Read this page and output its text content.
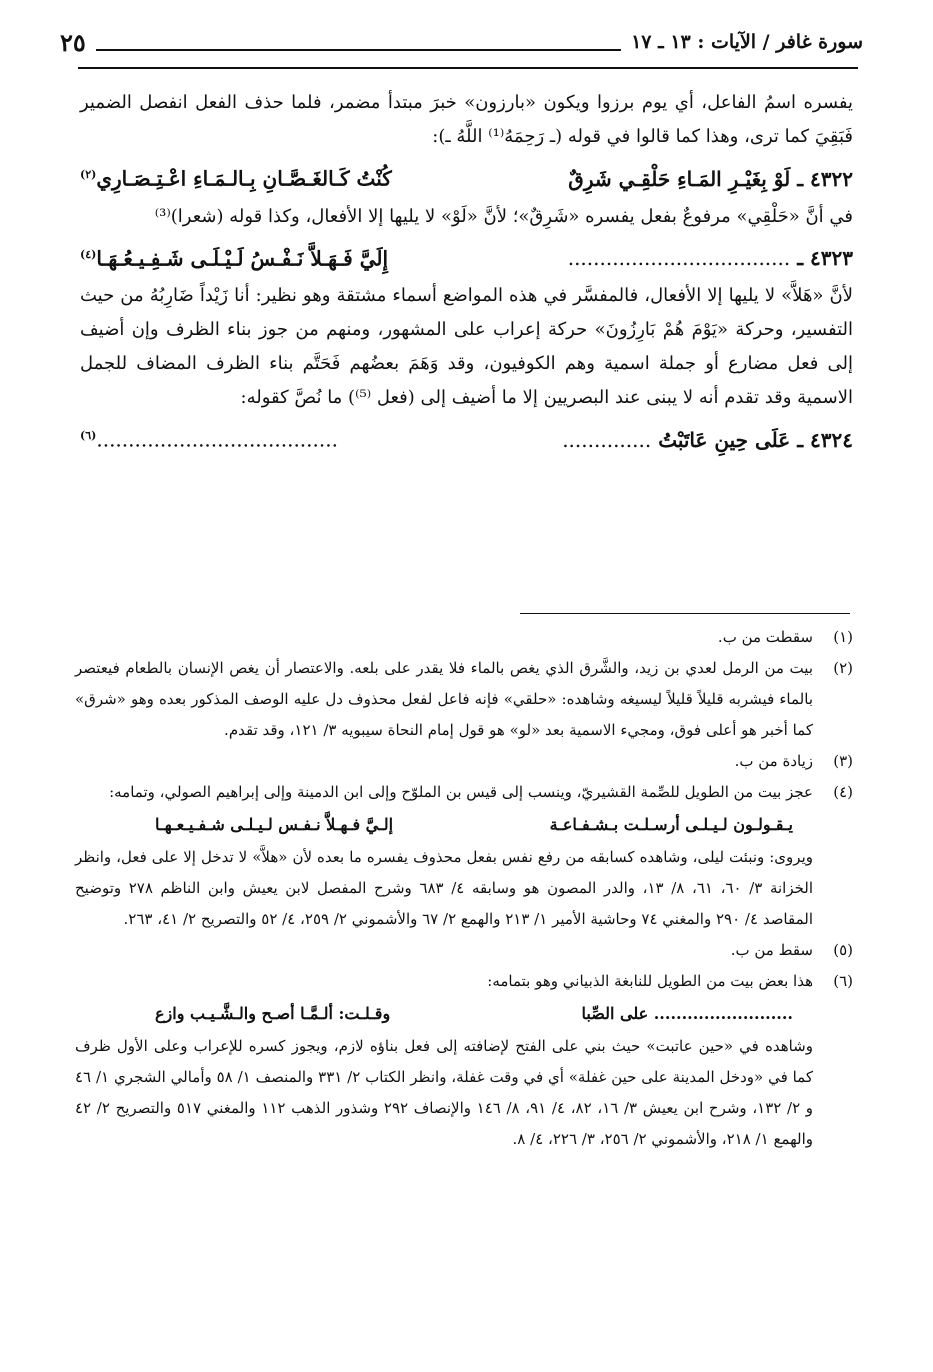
سورة غافر / الآيات : ١٣ ـ ١٧
٢٥

يفسره اسمُ الفاعل، أي يوم برزوا ويكون «بارزون» خبرَ مبتدأ مضمر، فلما حذف الفعل انفصل الضمير فَبَقِيَ كما ترى، وهذا كما قالوا في قوله (ـ رَحِمَهُ⁽¹⁾ اللَّهُ ـ):

٤٣٢٢ ـ لَوْ بِغَيْـرِ المَـاءِ حَلْقِـي شَرِقٌ
كُنْتُ كَـالغَـصَّـانِ بِـالـمَـاءِ اعْـتِـصَـارِي$^{(٢)}$

في أنَّ «حَلْقِي» مرفوعٌ بفعل يفسره «شَرِقٌ»؛ لأنَّ «لَوْ» لا يليها إلا الأفعال، وكذا قوله (شعرا)⁽³⁾

٤٣٢٣ ـ ...................................
إِلَيَّ فَـهَـلاَّ نَـفْـسُ لَـيْـلَـى شَـفِـيـعُـهَـا$^{(٤)}$

لأنَّ «هَلاَّ» لا يليها إلا الأفعال، فالمفسَّر في هذه المواضع أسماء مشتقة وهو نظير: أنا زَيْداً ضَارِبُهُ من حيث التفسير، وحركة «يَوْمَ هُمْ بَارِزُونَ» حركة إعراب على المشهور، ومنهم من جوز بناء الظرف وإن أضيف إلى فعل مضارع أو جملة اسمية وهم الكوفيون، وقد وَهَمَ بعضُهم فَحَتَّم بناء الظرف المضاف للجمل الاسمية وقد تقدم أنه لا يبنى عند البصريين إلا ما أضيف إلى (فعل ⁽⁵⁾) ما نُصَّ كقوله:

٤٣٢٤ ـ عَلَى حِينِ عَاتَبْتُ ..............
......................................$^{(٦)}$
(١)
سقطت من ب.
(٢)
بيت من الرمل لعدي بن زيد، والشَّرق الذي يغص بالماء فلا يقدر على بلعه. والاعتصار أن يغص الإنسان بالطعام فيعتصر بالماء فيشربه قليلاً قليلاً ليسيغه وشاهده: «حلقي» فإنه فاعل لفعل محذوف دل عليه الوصف المذكور بعده وهو «شرق» كما أخبر هو أعلى فوق، ومجيء الاسمية بعد «لو» هو قول إمام النحاة سيبويه ٣/ ١٢١، وقد تقدم.
(٣)
زيادة من ب.
(٤)
عجز بيت من الطويل للصِّمة القشيريّ، وينسب إلى قيس بن الملوّح وإلى ابن الدمينة وإلى إبراهيم الصولي، وتمامه:
يـقـولـون لـيـلـى أرسـلـت بـشـفـاعـة
إلـيَّ فـهـلاَّ نـفـس لـيـلـى شـفـيـعـهـا
ويروى: ونبئت ليلى، وشاهده كسابقه من رفع نفس بفعل محذوف يفسره ما بعده لأن «هلاَّ» لا تدخل إلا على فعل، وانظر الخزانة ٣/ ٦٠، ٦١، ٨/ ١٣، والدر المصون هو وسابقه ٤/ ٦٨٣ وشرح المفصل لابن يعيش وابن الناظم ٢٧٨ وتوضيح المقاصد ٤/ ٢٩٠ والمغني ٧٤ وحاشية الأمير ١/ ٢١٣ والهمع ٢/ ٦٧ والأشموني ٢/ ٢٥٩، ٤/ ٥٢ والتصريح ٢/ ٤١، ٢٦٣.
(٥)
سقط من ب.
(٦)
هذا بعض بيت من الطويل للنابغة الذبياني وهو بتمامه:
......................... على الصِّبا
وقـلـت: ألـمَّـا أصـح والـشَّـيـب وازع
وشاهده في «حين عاتبت» حيث بني على الفتح لإضافته إلى فعل بناؤه لازم، ويجوز كسره للإعراب وعلى الأول ظرف كما في «ودخل المدينة على حين غفلة» أي في وقت غفلة، وانظر الكتاب ٢/ ٣٣١ والمنصف ١/ ٥٨ وأمالي الشجري ١/ ٤٦ و ٢/ ١٣٢، وشرح ابن يعيش ٣/ ١٦، ٨٢، ٤/ ٩١، ٨/ ١٤٦ والإنصاف ٢٩٢ وشذور الذهب ١١٢ والمغني ٥١٧ والتصريح ٢/ ٤٢ والهمع ١/ ٢١٨، والأشموني ٢/ ٢٥٦، ٣/ ٢٢٦، ٤/ ٨.
